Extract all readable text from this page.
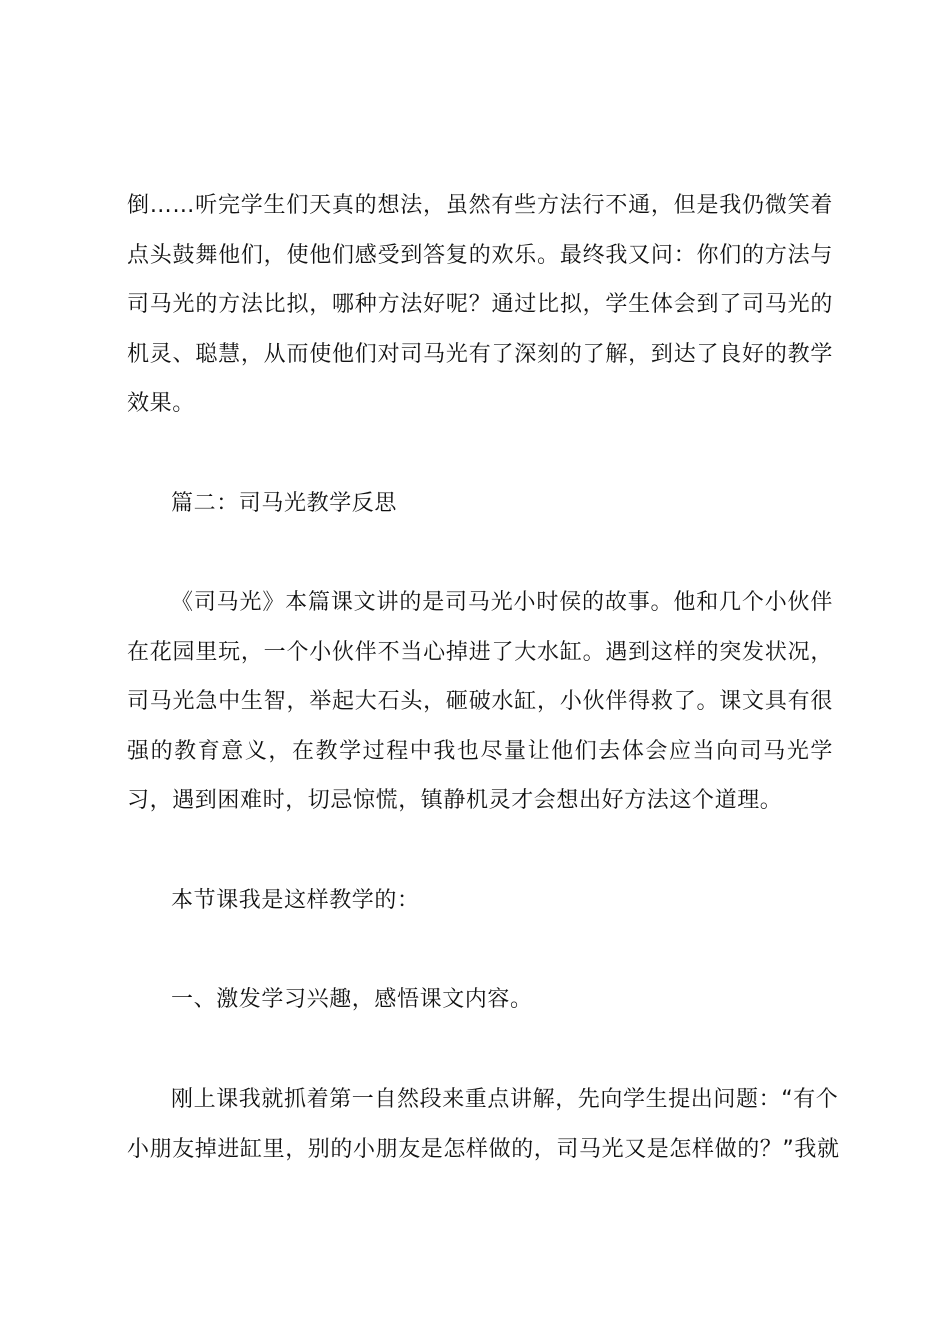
倒……听完学生们天真的想法，虽然有些方法行不通，但是我仍微笑着
点头鼓舞他们，使他们感受到答复的欢乐。最终我又问：你们的方法与
司马光的方法比拟，哪种方法好呢？通过比拟，学生体会到了司马光的
机灵、聪慧，从而使他们对司马光有了深刻的了解，到达了良好的教学
效果。
篇二：司马光教学反思
《司马光》本篇课文讲的是司马光小时侯的故事。他和几个小伙伴
在花园里玩，一个小伙伴不当心掉进了大水缸。遇到这样的突发状况，
司马光急中生智，举起大石头，砸破水缸，小伙伴得救了。课文具有很
强的教育意义，在教学过程中我也尽量让他们去体会应当向司马光学
习，遇到困难时，切忌惊慌，镇静机灵才会想出好方法这个道理。
本节课我是这样教学的：
一、激发学习兴趣，感悟课文内容。
刚上课我就抓着第一自然段来重点讲解，先向学生提出问题：“有个
小朋友掉进缸里，别的小朋友是怎样做的，司马光又是怎样做的？”我就
